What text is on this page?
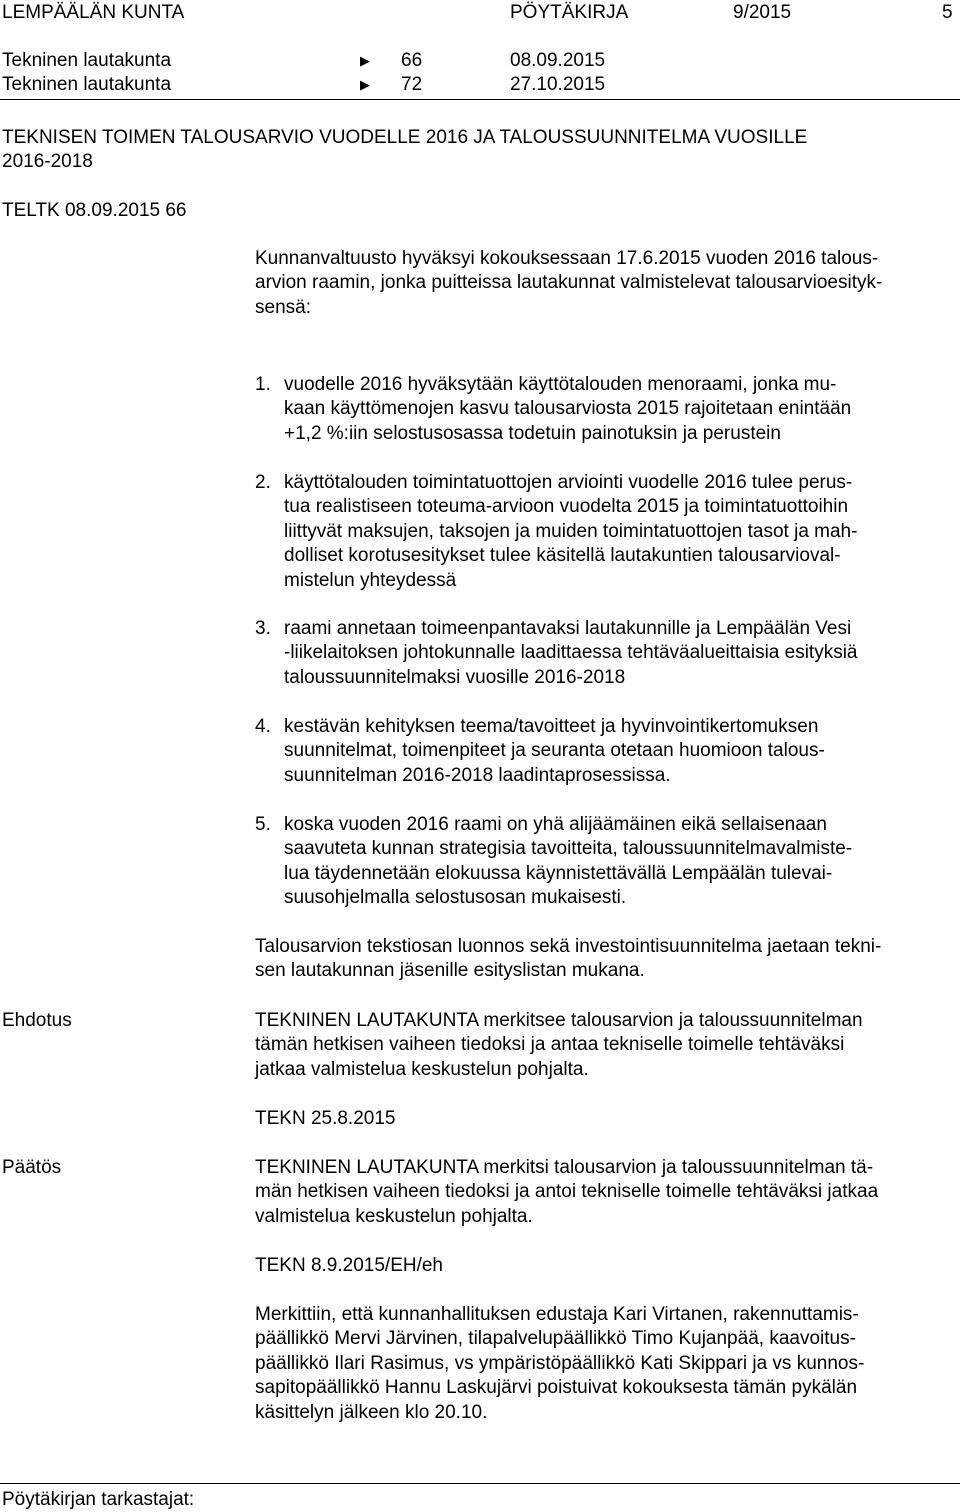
LEMPÄÄLÄN KUNTA	PÖYTÄKIRJA	9/2015	5
Tekninen lautakunta	▶ 66	08.09.2015
Tekninen lautakunta	▶ 72	27.10.2015
TEKNISEN TOIMEN TALOUSARVIO VUODELLE 2016 JA TALOUSSUUNNITELMA VUOSILLE
2016-2018
TELTK 08.09.2015 66
Kunnanvaltuusto hyväksyi kokouksessaan 17.6.2015 vuoden 2016 talous-
arvion raamin, jonka puitteissa lautakunnat valmistelevat talousarvioesityk-
sensä:
1. vuodelle 2016 hyväksytään käyttötalouden menoraami, jonka mu-
kaan käyttömenojen kasvu talousarviosta 2015 rajoitetaan enintään
+1,2 %:iin selostusosassa todetuin painotuksin ja perustein
2. käyttötalouden toimintatuottojen arviointi vuodelle 2016 tulee perus-
tua realistiseen toteuma-arvioon vuodelta 2015 ja toimintatuottoihin
liittyvät maksujen, taksojen ja muiden toimintatuottojen tasot ja mah-
dolliset korotusesitykset tulee käsitellä lautakuntien talousarvioval-
mistelun yhteydessä
3. raami annetaan toimeenpantavaksi lautakunnille ja Lempäälän Vesi
-liikelaitoksen johtokunnalle laadittaessa tehtäväalueittaisia esityksiä
taloussuunnitelmaksi vuosille 2016-2018
4. kestävän kehityksen teema/tavoitteet ja hyvinvointikertomuksen
suunnitelmat, toimenpiteet ja seuranta otetaan huomioon talous-
suunnitelman 2016-2018 laadintaprosessissa.
5. koska vuoden 2016 raami on yhä alijäämäinen eikä sellaisenaan
saavuteta kunnan strategisia tavoitteita, taloussuunnitelmavalmiste-
lua täydennetään elokuussa käynnistettävällä Lempäälän tulevai-
suusohjelmalla selostusosan mukaisesti.
Talousarvion tekstiosan luonnos sekä investointisuunnitelma jaetaan tekni-
sen lautakunnan jäsenille esityslistan mukana.
Ehdotus	TEKNINEN LAUTAKUNTA merkitsee talousarvion ja taloussuunnitelman
tämän hetkisen vaiheen tiedoksi ja antaa tekniselle toimelle tehtäväksi
jatkaa valmistelua keskustelun pohjalta.
TEKN 25.8.2015
Päätös	TEKNINEN LAUTAKUNTA merkitsi talousarvion ja taloussuunnitelman tä-
män hetkisen vaiheen tiedoksi ja antoi tekniselle toimelle tehtäväksi jatkaa
valmistelua keskustelun pohjalta.
TEKN 8.9.2015/EH/eh
Merkittiin, että kunnanhallituksen edustaja Kari Virtanen, rakennuttamis-
päällikkö Mervi Järvinen, tilapalvelupäällikkö Timo Kujanpää, kaavoitus-
päällikkö Ilari Rasimus, vs ympäristöpäällikkö Kati Skippari ja vs kunnos-
sapitopäällikkö Hannu Laskujärvi poistuivat kokouksesta tämän pykälän
käsittelyn jälkeen klo 20.10.
Pöytäkirjan tarkastajat:
